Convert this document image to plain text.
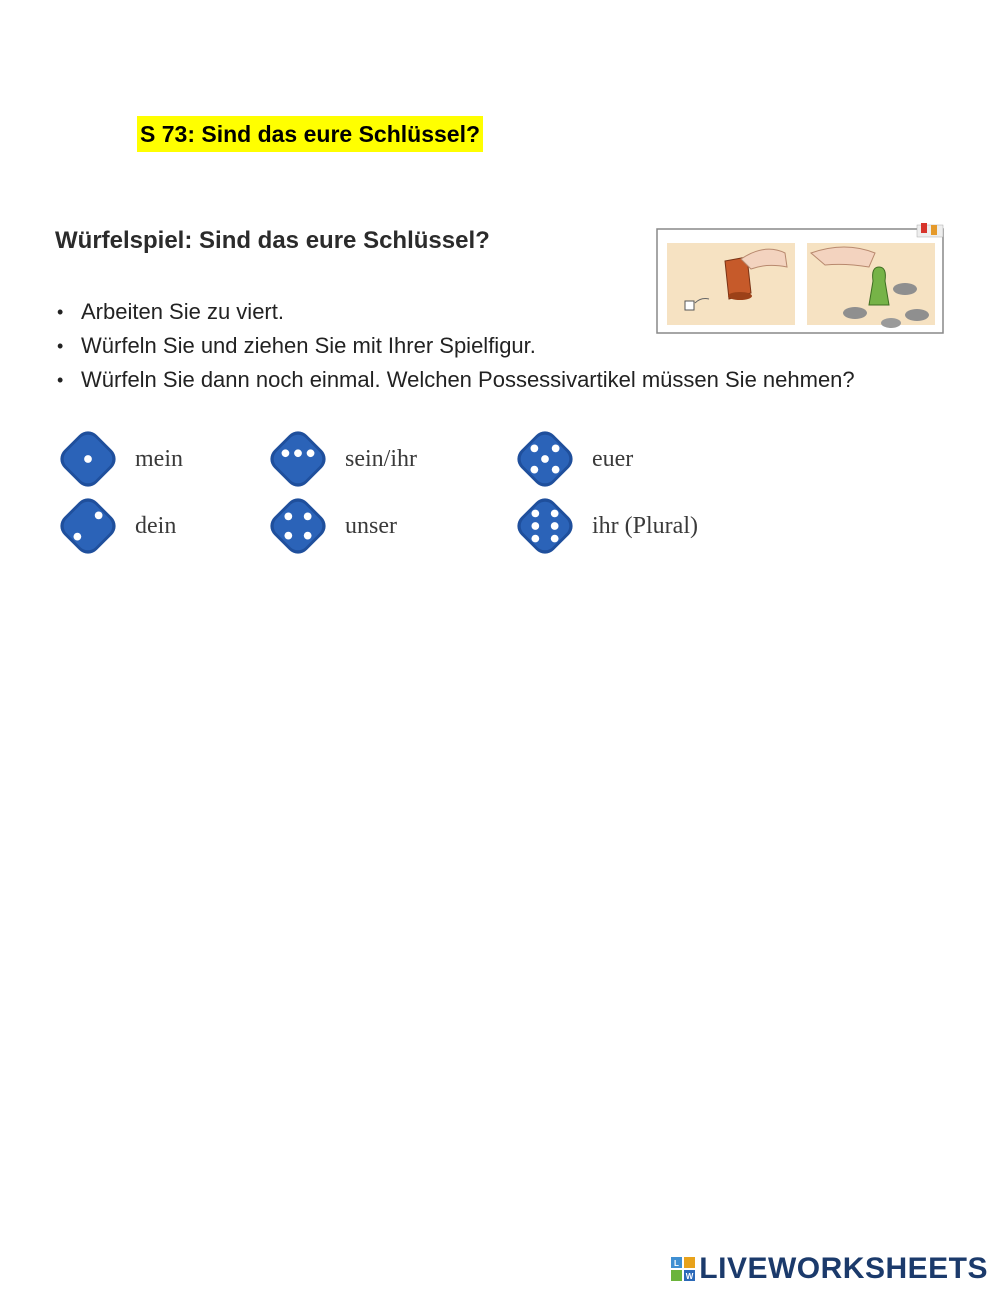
S 73: Sind das eure Schlüssel?
Würfelspiel: Sind das eure Schlüssel?
• Arbeiten Sie zu viert.
• Würfeln Sie und ziehen Sie mit Ihrer Spielfigur.
• Würfeln Sie dann noch einmal. Welchen Possessivartikel müssen Sie nehmen?
mein
dein
sein/ihr
unser
euer
ihr (Plural)
L
W LIVEWORKSHEETS
